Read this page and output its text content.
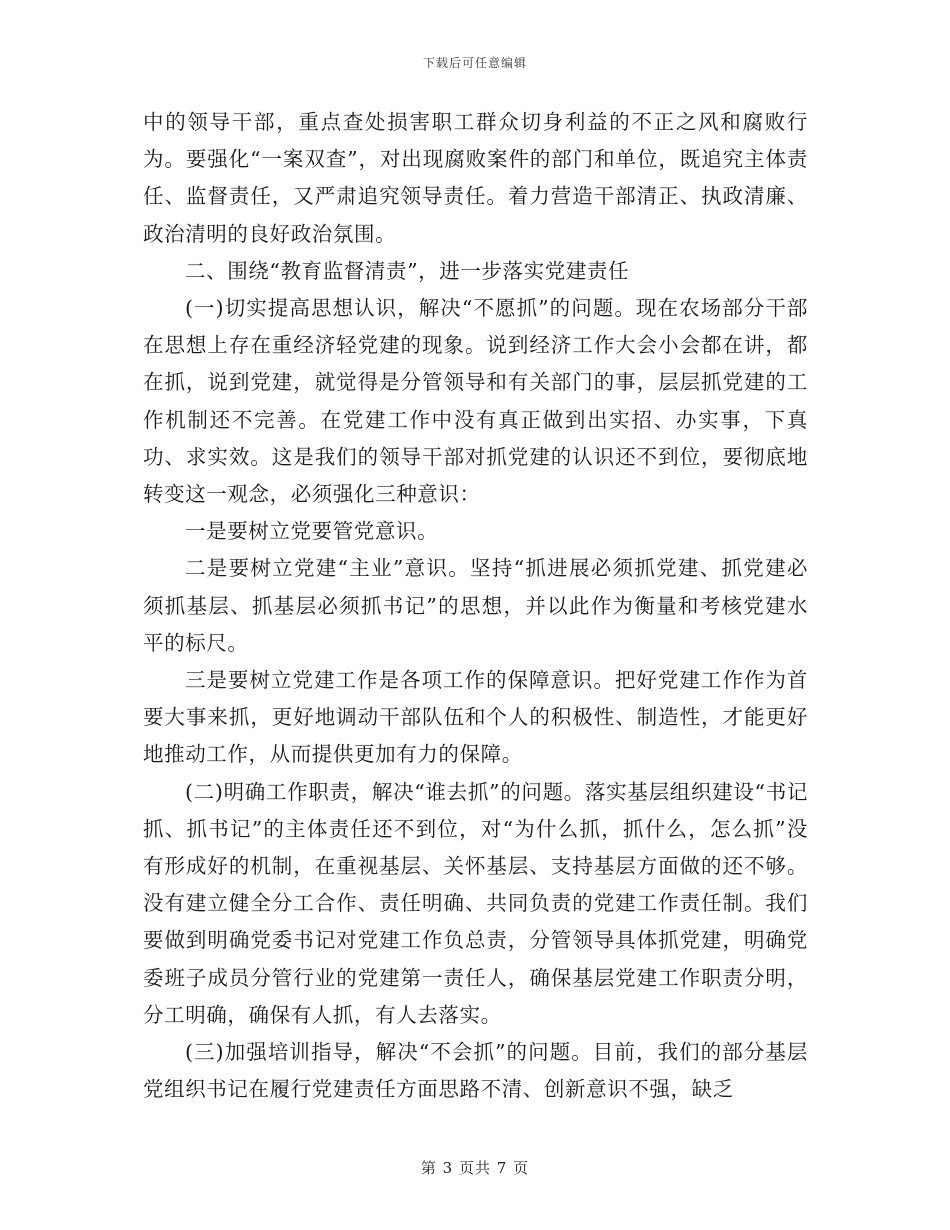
下载后可任意编辑

中的领导干部，重点查处损害职工群众切身利益的不正之风和腐败行为。要强化“一案双查”，对出现腐败案件的部门和单位，既追究主体责任、监督责任，又严肃追究领导责任。着力营造干部清正、执政清廉、政治清明的良好政治氛围。

二、围绕“教育监督清责”，进一步落实党建责任

(一)切实提高思想认识，解决“不愿抓”的问题。现在农场部分干部在思想上存在重经济轻党建的现象。说到经济工作大会小会都在讲，都在抓，说到党建，就觉得是分管领导和有关部门的事，层层抓党建的工作机制还不完善。在党建工作中没有真正做到出实招、办实事，下真功、求实效。这是我们的领导干部对抓党建的认识还不到位，要彻底地转变这一观念，必须强化三种意识：

一是要树立党要管党意识。

二是要树立党建“主业”意识。坚持“抓进展必须抓党建、抓党建必须抓基层、抓基层必须抓书记”的思想，并以此作为衡量和考核党建水平的标尺。

三是要树立党建工作是各项工作的保障意识。把好党建工作作为首要大事来抓，更好地调动干部队伍和个人的积极性、制造性，才能更好地推动工作，从而提供更加有力的保障。

(二)明确工作职责，解决“谁去抓”的问题。落实基层组织建设“书记抓、抓书记”的主体责任还不到位，对“为什么抓，抓什么，怎么抓”没有形成好的机制，在重视基层、关怀基层、支持基层方面做的还不够。没有建立健全分工合作、责任明确、共同负责的党建工作责任制。我们要做到明确党委书记对党建工作负总责，分管领导具体抓党建，明确党委班子成员分管行业的党建第一责任人，确保基层党建工作职责分明，分工明确，确保有人抓，有人去落实。

(三)加强培训指导，解决“不会抓”的问题。目前，我们的部分基层党组织书记在履行党建责任方面思路不清、创新意识不强，缺乏

第 3 页共 7 页
